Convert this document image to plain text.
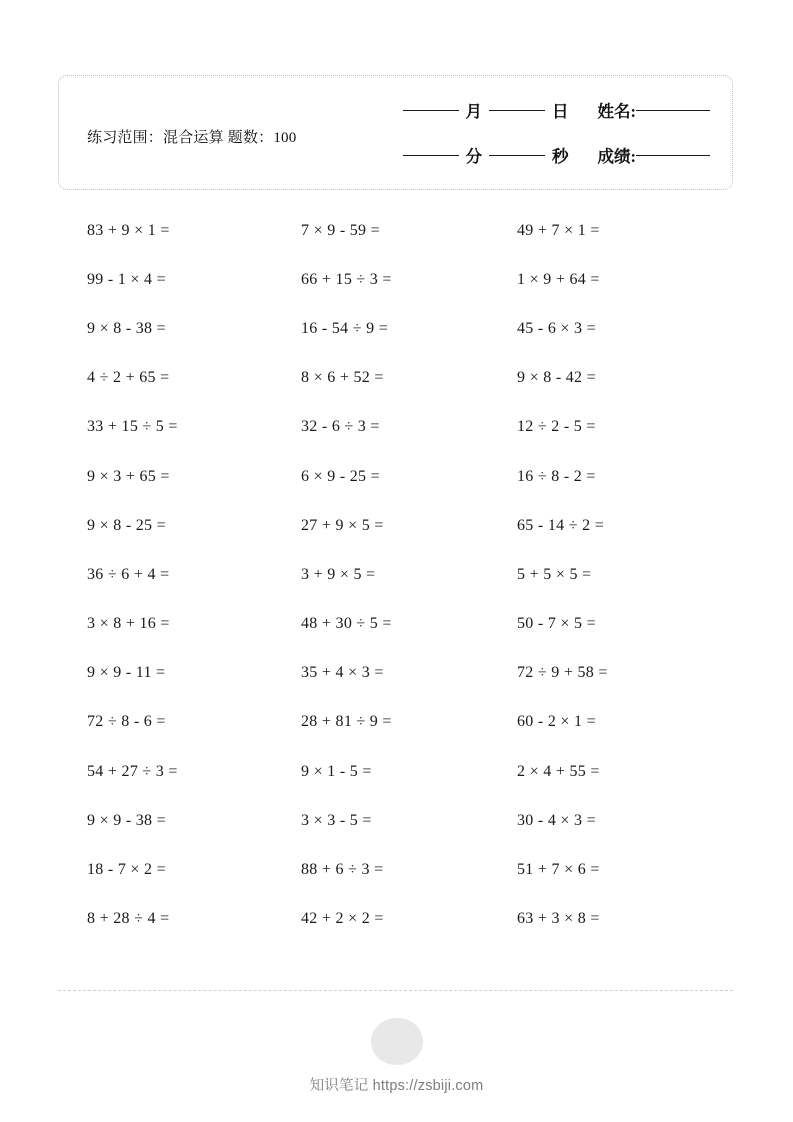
练习范围：混合运算 题数：100
月	日	姓名:
分	秒	成绩:
83 + 9 × 1 =	7 × 9 - 59 =	49 + 7 × 1 =
99 - 1 × 4 =	66 + 15 ÷ 3 =	1 × 9 + 64 =
9 × 8 - 38 =	16 - 54 ÷ 9 =	45 - 6 × 3 =
4 ÷ 2 + 65 =	8 × 6 + 52 =	9 × 8 - 42 =
33 + 15 ÷ 5 =	32 - 6 ÷ 3 =	12 ÷ 2 - 5 =
9 × 3 + 65 =	6 × 9 - 25 =	16 ÷ 8 - 2 =
9 × 8 - 25 =	27 + 9 × 5 =	65 - 14 ÷ 2 =
36 ÷ 6 + 4 =	3 + 9 × 5 =	5 + 5 × 5 =
3 × 8 + 16 =	48 + 30 ÷ 5 =	50 - 7 × 5 =
9 × 9 - 11 =	35 + 4 × 3 =	72 ÷ 9 + 58 =
72 ÷ 8 - 6 =	28 + 81 ÷ 9 =	60 - 2 × 1 =
54 + 27 ÷ 3 =	9 × 1 - 5 =	2 × 4 + 55 =
9 × 9 - 38 =	3 × 3 - 5 =	30 - 4 × 3 =
18 - 7 × 2 =	88 + 6 ÷ 3 =	51 + 7 × 6 =
8 + 28 ÷ 4 =	42 + 2 × 2 =	63 + 3 × 8 =
知识笔记 https://zsbiji.com
